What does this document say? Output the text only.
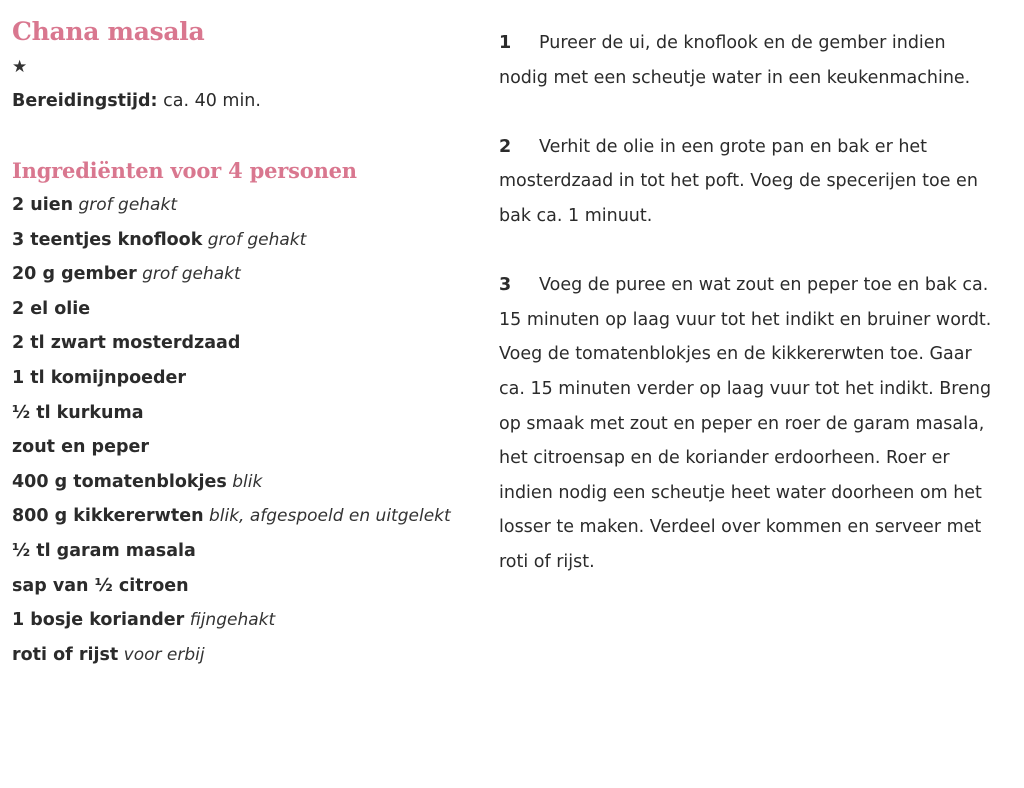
Chana masala
★
Bereidingstijd: ca. 40 min.
Ingrediënten voor 4 personen
2 uien grof gehakt
3 teentjes knoflook grof gehakt
20 g gember grof gehakt
2 el olie
2 tl zwart mosterdzaad
1 tl komijnpoeder
½ tl kurkuma
zout en peper
400 g tomatenblokjes blik
800 g kikkererwten blik, afgespoeld en uitgelekt
½ tl garam masala
sap van ½ citroen
1 bosje koriander fijngehakt
roti of rijst voor erbij

1 Pureer de ui, de knoflook en de gember indien nodig met een scheutje water in een keukenmachine.

2 Verhit de olie in een grote pan en bak er het mosterdzaad in tot het poft. Voeg de specerijen toe en bak ca. 1 minuut.

3 Voeg de puree en wat zout en peper toe en bak ca. 15 minuten op laag vuur tot het indikt en bruiner wordt. Voeg de tomatenblokjes en de kikkererwten toe. Gaar ca. 15 minuten verder op laag vuur tot het indikt. Breng op smaak met zout en peper en roer de garam masala, het citroensap en de koriander erdoorheen. Roer er indien nodig een scheutje heet water doorheen om het losser te maken. Verdeel over kommen en serveer met roti of rijst.
